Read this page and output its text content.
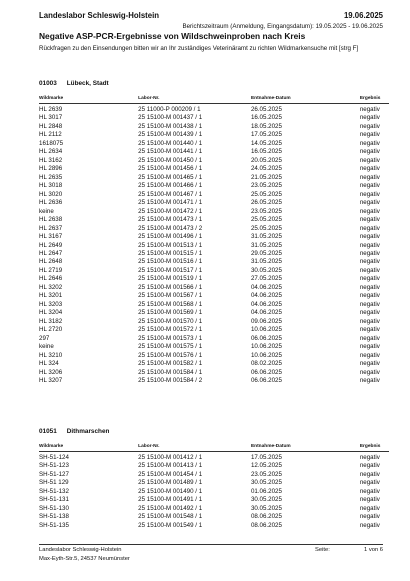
Landeslabor Schleswig-Holstein	19.06.2025
Berichtszeitraum (Anmeldung, Eingangsdatum): 19.05.2025 - 19.06.2025
Negative ASP-PCR-Ergebnisse von Wildschweinproben nach Kreis
Rückfragen zu den Einsendungen bitten wir an Ihr zuständiges Veterinäramt zu richten Wildmarkensuche mit [strg F]
01003 Lübeck, Stadt
Wildmarke	Labor-Nr.	Entnahme-Datum	Ergebnis
HL 2639	25 11000-P 000209 / 1	26.05.2025	negativ
HL 3017	25 15100-M 001437 / 1	16.05.2025	negativ
HL 2848	25 15100-M 001438 / 1	18.05.2025	negativ
HL 2112	25 15100-M 001439 / 1	17.05.2025	negativ
1618075	25 15100-M 001440 / 1	14.05.2025	negativ
HL 2634	25 15100-M 001441 / 1	16.05.2025	negativ
HL 3162	25 15100-M 001450 / 1	20.05.2025	negativ
HL 2896	25 15100-M 001456 / 1	24.05.2025	negativ
HL 2635	25 15100-M 001465 / 1	21.05.2025	negativ
HL 3018	25 15100-M 001466 / 1	23.05.2025	negativ
HL 3020	25 15100-M 001467 / 1	25.05.2025	negativ
HL 2636	25 15100-M 001471 / 1	26.05.2025	negativ
keine	25 15100-M 001472 / 1	23.05.2025	negativ
HL 2638	25 15100-M 001473 / 1	25.05.2025	negativ
HL 2637	25 15100-M 001473 / 2	25.05.2025	negativ
HL 3167	25 15100-M 001496 / 1	31.05.2025	negativ
HL 2649	25 15100-M 001513 / 1	31.05.2025	negativ
HL 2647	25 15100-M 001515 / 1	29.05.2025	negativ
HL 2648	25 15100-M 001516 / 1	31.05.2025	negativ
HL 2719	25 15100-M 001517 / 1	30.05.2025	negativ
HL 2646	25 15100-M 001519 / 1	27.05.2025	negativ
HL 3202	25 15100-M 001566 / 1	04.06.2025	negativ
HL 3201	25 15100-M 001567 / 1	04.06.2025	negativ
HL 3203	25 15100-M 001568 / 1	04.06.2025	negativ
HL 3204	25 15100-M 001569 / 1	04.06.2025	negativ
HL 3182	25 15100-M 001570 / 1	09.06.2025	negativ
HL 2720	25 15100-M 001572 / 1	10.06.2025	negativ
297	25 15100-M 001573 / 1	06.06.2025	negativ
keine	25 15100-M 001575 / 1	10.06.2025	negativ
HL 3210	25 15100-M 001576 / 1	10.06.2025	negativ
HL 324	25 15100-M 001582 / 1	08.02.2025	negativ
HL 3206	25 15100-M 001584 / 1	06.06.2025	negativ
HL 3207	25 15100-M 001584 / 2	06.06.2025	negativ
01051 Dithmarschen
Wildmarke	Labor-Nr.	Entnahme-Datum	Ergebnis
SH-51-124	25 15100-M 001412 / 1	17.05.2025	negativ
SH-51-123	25 15100-M 001413 / 1	12.05.2025	negativ
SH-51-127	25 15100-M 001454 / 1	23.05.2025	negativ
SH-51 129	25 15100-M 001489 / 1	30.05.2025	negativ
SH-51-132	25 15100-M 001490 / 1	01.06.2025	negativ
SH-51-131	25 15100-M 001491 / 1	30.05.2025	negativ
SH-51-130	25 15100-M 001492 / 1	30.05.2025	negativ
SH-51-138	25 15100-M 001548 / 1	08.06.2025	negativ
SH-51-135	25 15100-M 001549 / 1	08.06.2025	negativ
Landeslabor Schleswig-Holstein
Max-Eyth-Str.5, 24537 Neumünster
Seite:	1 von 6
